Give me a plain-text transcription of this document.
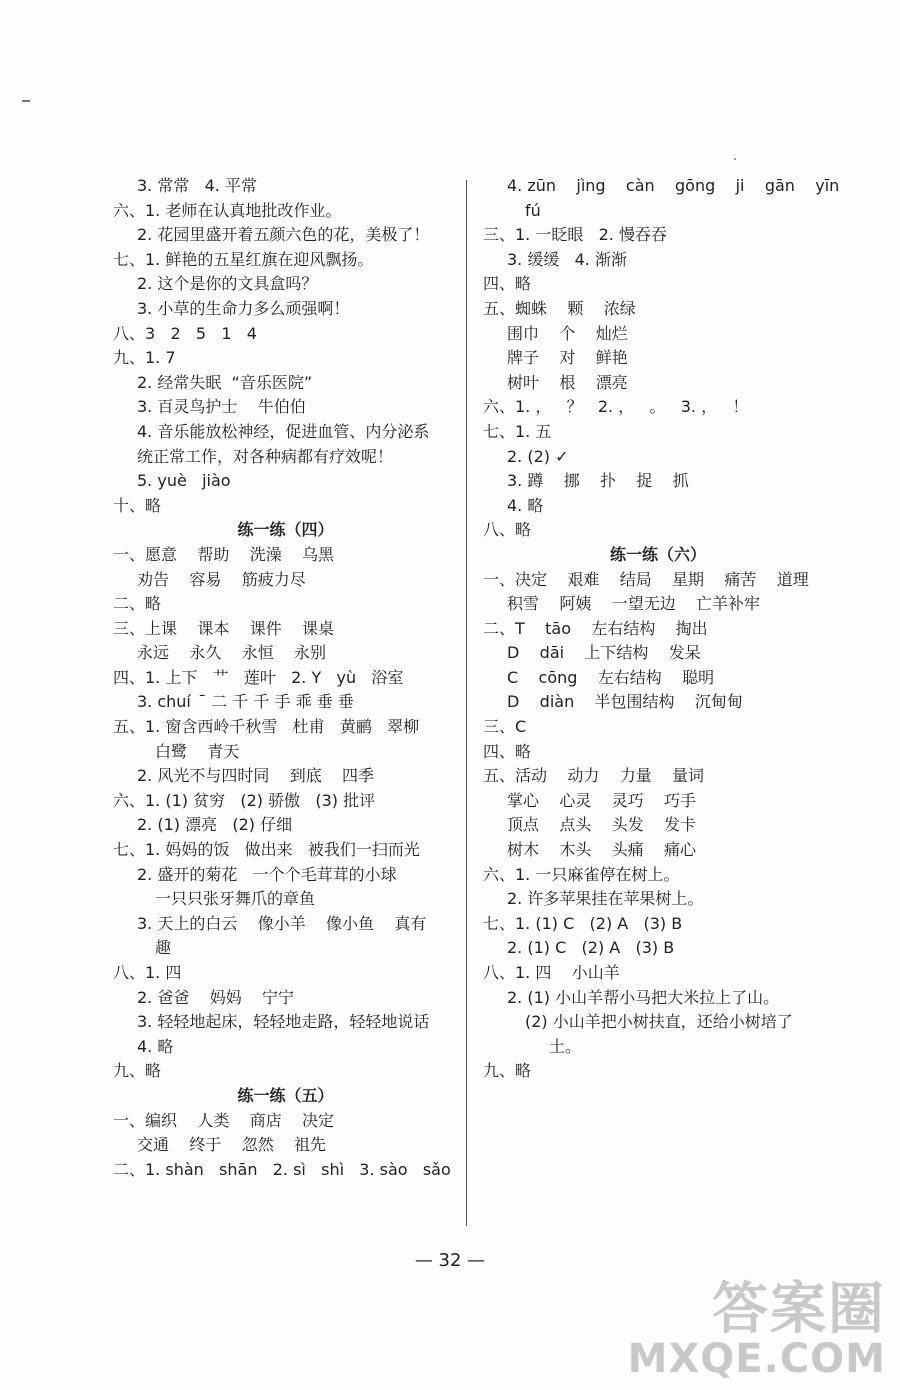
3. 常常   4. 平常
六、1. 老师在认真地批改作业。
2. 花园里盛开着五颜六色的花，美极了！
七、1. 鲜艳的五星红旗在迎风飘扬。
2. 这个是你的文具盒吗？
3. 小草的生命力多么顽强啊！
八、3   2   5   1   4
九、1. 7
2. 经常失眠  “音乐医院”
3. 百灵鸟护士    牛伯伯
4. 音乐能放松神经，促进血管、内分泌系
统正常工作，对各种病都有疗效呢！
5. yuè   jiào
十、略
练一练（四）
一、愿意    帮助    洗澡    乌黑
劝告    容易    筋疲力尽
二、略
三、上课    课本    课件    课桌
永远    永久    永恒    永别
四、1. 上下   艹   莲叶   2. Y   yù   浴室
3. chuí   ̄ 二 千 千 手 乖 垂 垂
五、1. 窗含西岭千秋雪   杜甫   黄鹂   翠柳
白鹭    青天
2. 风光不与四时同    到底    四季
六、1. (1) 贫穷   (2) 骄傲   (3) 批评
2. (1) 漂亮   (2) 仔细
七、1. 妈妈的饭   做出来   被我们一扫而光
2. 盛开的菊花   一个个毛茸茸的小球
一只只张牙舞爪的章鱼
3. 天上的白云    像小羊    像小鱼    真有
趣
八、1. 四
2. 爸爸    妈妈    宁宁
3. 轻轻地起床，轻轻地走路，轻轻地说话
4. 略
九、略
练一练（五）
一、编织    人类    商店    决定
交通    终于    忽然    祖先
二、1. shàn   shān   2. sì   shì   3. sào   sǎo
4. zūn    jìng    càn    gōng    ji    gān    yīn
fú
三、1. 一眨眼   2. 慢吞吞
3. 缓缓   4. 渐渐
四、略
五、蜘蛛    颗    浓绿
围巾    个    灿烂
牌子    对    鲜艳
树叶    根    漂亮
六、1. ，   ？   2. ，   。   3. ，   ！
七、1. 五
2. (2) ✓
3. 蹲    挪    扑    捉    抓
4. 略
八、略
练一练（六）
一、决定    艰难    结局    星期    痛苦    道理
积雪    阿姨    一望无边    亡羊补牢
二、T    tāo    左右结构    掏出
D    dāi    上下结构    发呆
C    cōng    左右结构    聪明
D    diàn    半包围结构    沉甸甸
三、C
四、略
五、活动    动力    力量    量词
掌心    心灵    灵巧    巧手
顶点    点头    头发    发卡
树木    木头    头痛    痛心
六、1. 一只麻雀停在树上。
2. 许多苹果挂在苹果树上。
七、1. (1) C   (2) A   (3) B
2. (1) C   (2) A   (3) B
八、1. 四    小山羊
2. (1) 小山羊帮小马把大米拉上了山。
(2) 小山羊把小树扶直，还给小树培了
土。
九、略
— 32 —
答案圈
MXQE.COM
